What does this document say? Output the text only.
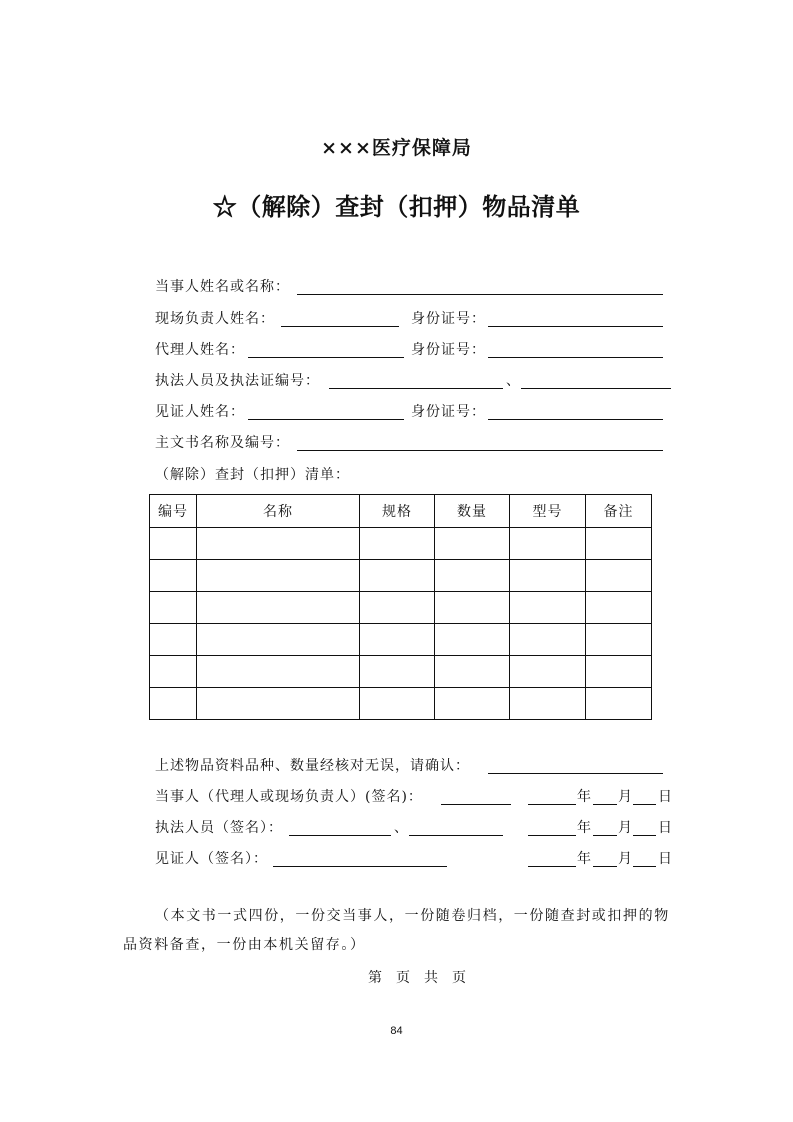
×××医疗保障局
☆（解除）查封（扣押）物品清单
当事人姓名或名称：
现场负责人姓名：	身份证号：
代理人姓名：	身份证号：
执法人员及执法证编号：	、
见证人姓名：	身份证号：
主文书名称及编号：
（解除）查封（扣押）清单：
编号	名称	规格	数量	型号	备注

上述物品资料品种、数量经核对无误，请确认：
当事人（代理人或现场负责人）(签名)：	年 月 日
执法人员（签名）：	、	年 月 日
见证人（签名）：	年 月 日
（本文书一式四份，一份交当事人，一份随卷归档，一份随查封或扣押的物
品资料备查，一份由本机关留存。）
第　页　共　页
84
